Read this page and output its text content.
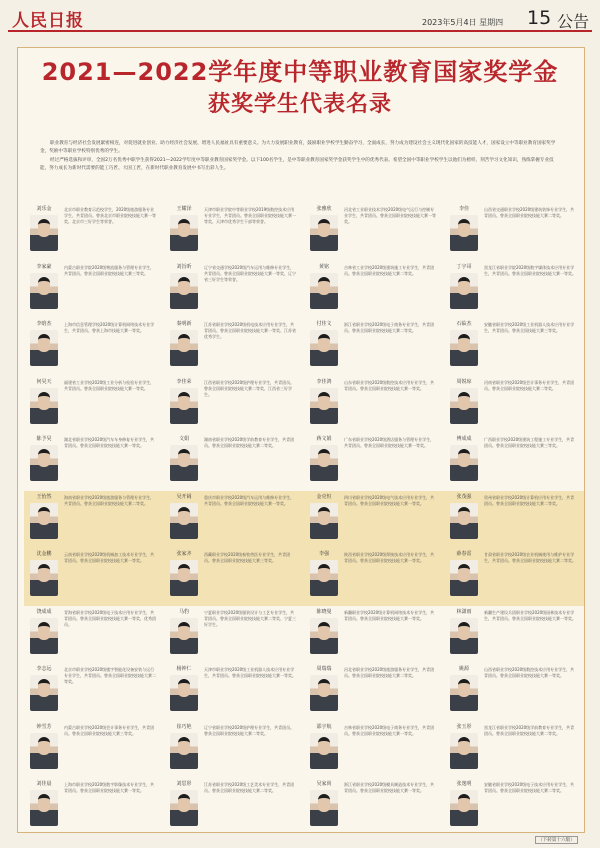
人民日报	2023年5月4日 星期四 15 公告
2021—2022学年度中等职业教育国家奖学金
获奖学生代表名录

职业教育与经济社会发展紧密相连，对促进就业创业、助力经济社会发展、增进人民福祉具有重要意义。为大力发展职业教育，鼓励职业学校学生勤奋学习，全面成长，努力成为建设社会主义现代化国家的高技能人才，国家设立中等职业教育国家奖学金，奖励中等职业学校特别优秀的学生。

经过严格选拔和评审，全国2万名优秀中职学生获得2021—2022学年度中等职业教育国家奖学金。以下100名学生，是中等职业教育国家奖学金获奖学生中的优秀代表。希望全国中等职业学校学生以他们为榜样，刻苦学习文化知识，熟练掌握专业技能，努力成长为新时代需要的能工巧匠、大国工匠，在新时代职业教育发展中书写出彩人生。

刘乐金	北京市职业教育示范校学生，2020级旅游服务专业学生，共青团员。曾获北京市职业院校技能大赛一等奖、北京市三好学生等荣誉。
王耀泽	天津市职业学院中等职业学校2019级数控技术应用专业学生，共青团员。曾获全国职业院校技能大赛一等奖、天津市优秀学生干部等荣誉。
张雅欣	河北省工业职业技术学校2020级电气运行与控制专业学生，共青团员。曾获全国职业院校技能大赛一等奖。
李佳	山西省交通职业学校2020级建筑装饰专业学生，共青团员。曾获全国职业院校技能大赛二等奖。
李家豪	内蒙古职业学院2020级物流服务与管理专业学生，共青团员。曾获全国职业院校技能大赛三等奖。
刘旨昕	辽宁省交通学校2020级汽车运用与维修专业学生，共青团员。曾获全国职业院校技能大赛一等奖、辽宁省三好学生等荣誉。
黄铭	吉林省工业学校2020级建筑施工专业学生，共青团员。曾获全国职业院校技能大赛二等奖。
丁宇哥	黑龙江省职业学院2020级数字媒体技术应用专业学生，共青团员。曾获全国职业院校技能大赛一等奖。
李晗杰	上海市信息管理学校2020级计算机网络技术专业学生，共青团员。曾获上海市技能大赛一等奖。
秦明新	江苏省职业学校2020级机电技术应用专业学生，共青团员。曾获全国职业院校技能大赛一等奖、江苏省优秀学生。
付佳文	浙江省职业学校2020级电子商务专业学生，共青团员。曾获全国职业院校技能大赛二等奖。
石临杰	安徽省职业学校2020级工业机器人技术应用专业学生，共青团员。曾获全国技能大赛三等奖。
何昊天	福建省工业学校2020级工业分析与检验专业学生，共青团员。曾获全国职业院校技能大赛一等奖。
李佳荣	江西省职业学校2020级护理专业学生，共青团员。曾获全国职业院校技能大赛二等奖、江西省三好学生。
李佳鸿	山东省职业学校2020级数控技术应用专业学生，共青团员。曾获全国职业院校技能大赛一等奖。
周锐琼	河南省职业学校2020级会计事务专业学生，共青团员。曾获全国职业院校技能大赛二等奖。
陈予昊	湖北省职业学校2020级汽车车身修复专业学生，共青团员。曾获全国职业院校技能大赛一等奖。
文娟	湖南省职业学校2020级学前教育专业学生，共青团员。曾获全国职业院校技能大赛二等奖。
蒋文娟	广东省职业学校2020级酒店服务与管理专业学生，共青团员。曾获全国职业院校技能大赛一等奖。
傅成成	广西职业学校2020级建筑工程施工专业学生，共青团员。曾获全国职业院校技能大赛三等奖。
王怡然	海南省职业学校2020级旅游服务与管理专业学生，共青团员。曾获全国职业院校技能大赛二等奖。
吴开阔	重庆市职业学校2020级汽车运用与维修专业学生，共青团员。曾获全国职业院校技能大赛一等奖。
金克恒	四川省职业学校2020级电气技术应用专业学生，共青团员。曾获全国职业院校技能大赛一等奖。
张茂强	贵州省职业学校2020级计算机应用专业学生，共青团员。曾获全国职业院校技能大赛二等奖。
沈金鹏	云南省职业学校2020级机械加工技术专业学生，共青团员。曾获全国职业院校技能大赛一等奖。
张家齐	西藏职业学校2020级畜牧兽医专业学生，共青团员。曾获全国职业院校技能大赛三等奖。
李强	陕西省职业学校2020级焊接技术应用专业学生，共青团员。曾获全国职业院校技能大赛一等奖。
薛春雷	甘肃省职业学校2020级农业机械使用与维护专业学生，共青团员。曾获全国职业院校技能大赛二等奖。
饶成成	青海省职业学校2020级电子技术应用专业学生，共青团员。曾获全国职业院校技能大赛一等奖、优秀团员。
马豹	宁夏职业学校2020级服装设计与工艺专业学生，共青团员。曾获全国职业院校技能大赛二等奖、宁夏三好学生。
陈晓曼	新疆职业学校2020级计算机网络技术专业学生，共青团员。曾获全国职业院校技能大赛一等奖。
林潇雨	新疆生产建设兵团职业学校2020级园林技术专业学生，共青团员。曾获全国职业院校技能大赛一等奖。
李志远	北京市职业学校2020级楼宇智能化设备安装与运行专业学生，共青团员。曾获全国职业院校技能大赛二等奖。
杨钟仁	天津市职业学校2020级工业机器人技术应用专业学生，共青团员。曾获全国职业院校技能大赛一等奖。
周瑞瑞	河北省职业学校2020级旅游服务专业学生，共青团员。曾获全国职业院校技能大赛二等奖。
姚源	山西省职业学校2020级数控技术应用专业学生，共青团员。曾获全国职业院校技能大赛一等奖。
钟雪芳	内蒙古职业学校2020级会计事务专业学生，共青团员。曾获全国职业院校技能大赛三等奖。
崔巧艳	辽宁省职业学校2020级护理专业学生，共青团员。曾获全国职业院校技能大赛二等奖。
邵宇航	吉林省职业学校2020级电子商务专业学生，共青团员。曾获全国职业院校技能大赛一等奖。
张玉彤	黑龙江省职业学校2020级学前教育专业学生，共青团员。曾获全国职业院校技能大赛二等奖。
刘佳晨	上海市职业学校2020级数字影像技术专业学生，共青团员。曾获全国职业院校技能大赛一等奖。
刘思彤	江苏省职业学校2020级工艺美术专业学生，共青团员。曾获全国职业院校技能大赛二等奖。
吴家尚	浙江省职业学校2020级模具制造技术专业学生，共青团员。曾获全国职业院校技能大赛一等奖。
张逸明	安徽省职业学校2020级电子技术应用专业学生，共青团员。曾获全国职业院校技能大赛二等奖。
（下转第十六版）
